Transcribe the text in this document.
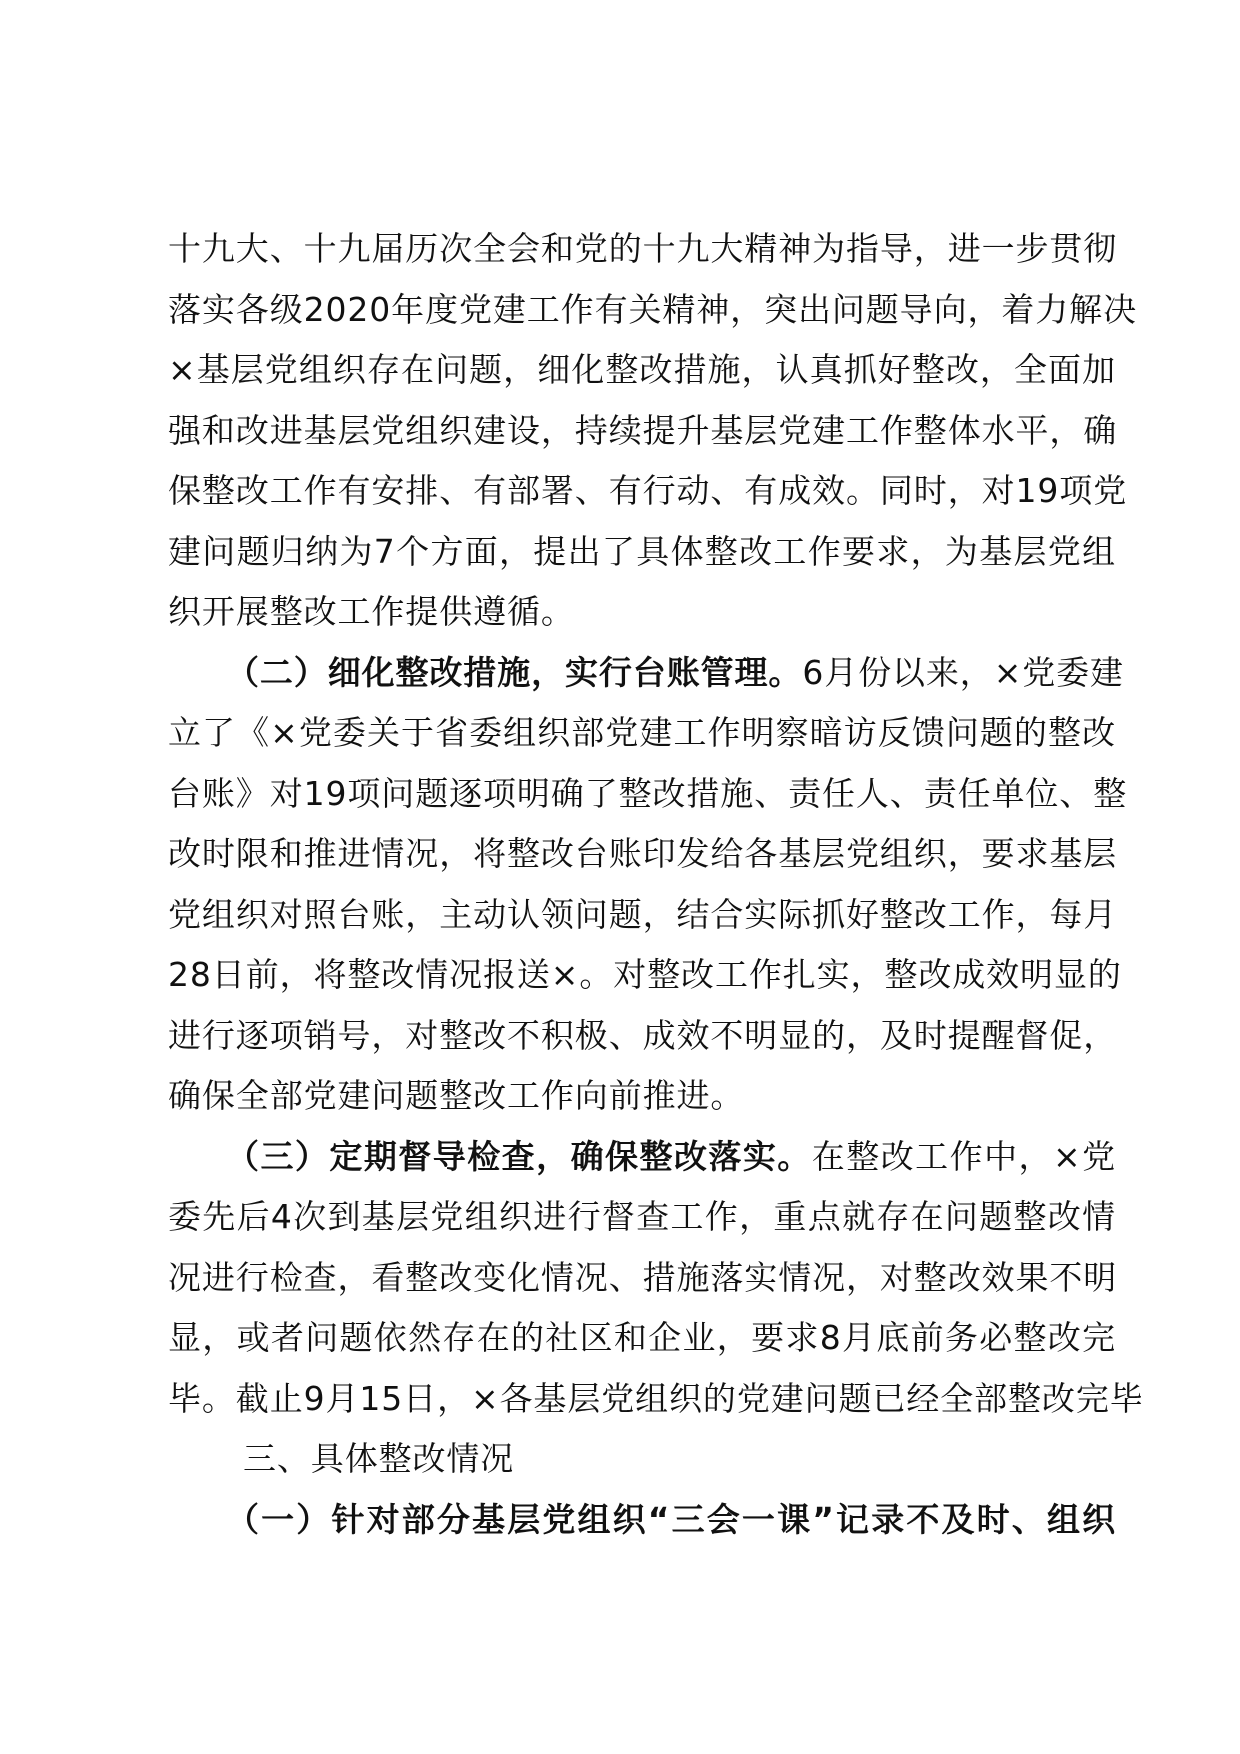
十九大、十九届历次全会和党的十九大精神为指导，进一步贯彻
落实各级2020年度党建工作有关精神，突出问题导向，着力解决
×基层党组织存在问题，细化整改措施，认真抓好整改，全面加
强和改进基层党组织建设，持续提升基层党建工作整体水平，确
保整改工作有安排、有部署、有行动、有成效。同时，对19项党
建问题归纳为7个方面，提出了具体整改工作要求，为基层党组
织开展整改工作提供遵循。
（二）细化整改措施，实行台账管理。6月份以来，×党委建
立了《×党委关于省委组织部党建工作明察暗访反馈问题的整改
台账》对19项问题逐项明确了整改措施、责任人、责任单位、整
改时限和推进情况，将整改台账印发给各基层党组织，要求基层
党组织对照台账，主动认领问题，结合实际抓好整改工作，每月
28日前，将整改情况报送×。对整改工作扎实，整改成效明显的
进行逐项销号，对整改不积极、成效不明显的，及时提醒督促，
确保全部党建问题整改工作向前推进。
（三）定期督导检查，确保整改落实。在整改工作中，×党
委先后4次到基层党组织进行督查工作，重点就存在问题整改情
况进行检查，看整改变化情况、措施落实情况，对整改效果不明
显，或者问题依然存在的社区和企业，要求8月底前务必整改完
毕。截止9月15日，×各基层党组织的党建问题已经全部整改完毕
三、具体整改情况
（一）针对部分基层党组织“三会一课”记录不及时、组织
